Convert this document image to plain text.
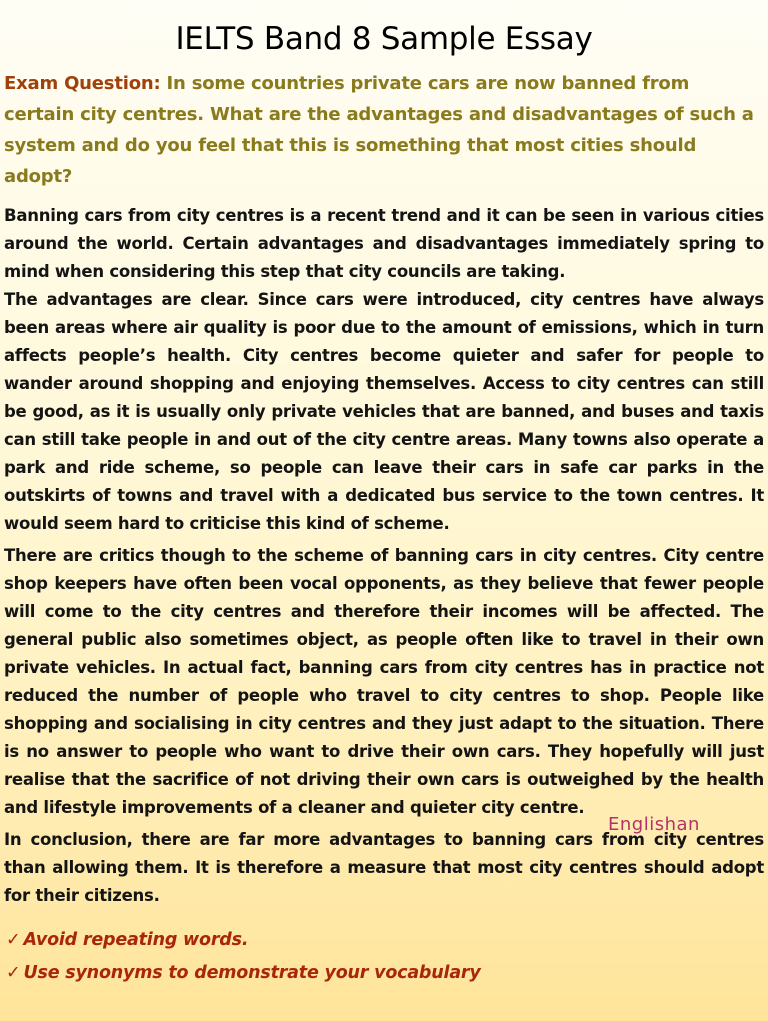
IELTS Band 8 Sample Essay
Exam Question: In some countries private cars are now banned from certain city centres. What are the advantages and disadvantages of such a system and do you feel that this is something that most cities should adopt?

Banning cars from city centres is a recent trend and it can be seen in various cities around the world. Certain advantages and disadvantages immediately spring to mind when considering this step that city councils are taking.

The advantages are clear. Since cars were introduced, city centres have always been areas where air quality is poor due to the amount of emissions, which in turn affects people’s health. City centres become quieter and safer for people to wander around shopping and enjoying themselves. Access to city centres can still be good, as it is usually only private vehicles that are banned, and buses and taxis can still take people in and out of the city centre areas. Many towns also operate a park and ride scheme, so people can leave their cars in safe car parks in the outskirts of towns and travel with a dedicated bus service to the town centres. It would seem hard to criticise this kind of scheme.

There are critics though to the scheme of banning cars in city centres. City centre shop keepers have often been vocal opponents, as they believe that fewer people will come to the city centres and therefore their incomes will be affected. The general public also sometimes object, as people often like to travel in their own private vehicles. In actual fact, banning cars from city centres has in practice not reduced the number of people who travel to city centres to shop. People like shopping and socialising in city centres and they just adapt to the situation. There is no answer to people who want to drive their own cars. They hopefully will just realise that the sacrifice of not driving their own cars is outweighed by the health and lifestyle improvements of a cleaner and quieter city centre.

In conclusion, there are far more advantages to banning cars from city centres than allowing them. It is therefore a measure that most city centres should adopt for their citizens.

Englishan
✓ Avoid repeating words.
✓ Use synonyms to demonstrate your vocabulary
